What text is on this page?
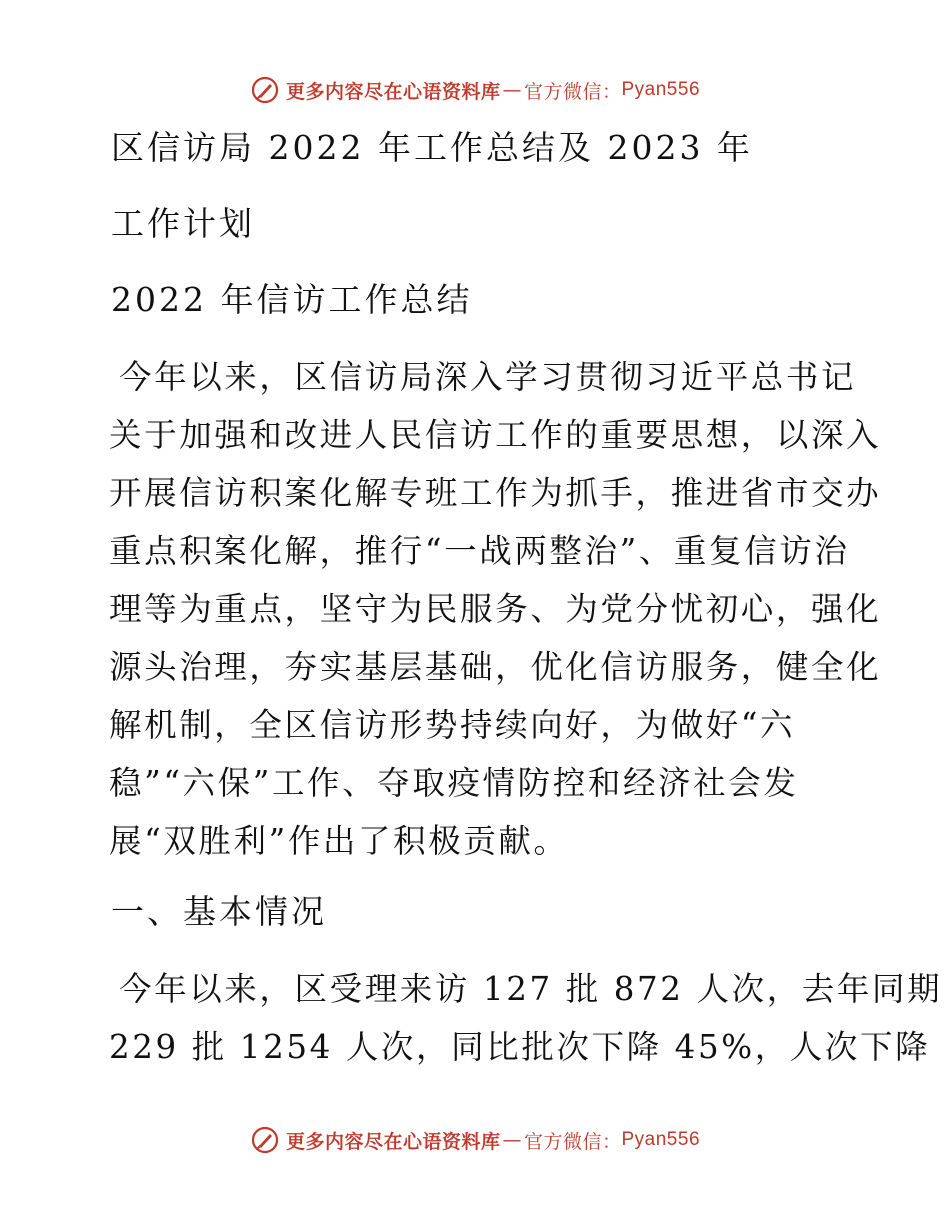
更多内容尽在心语资料库 — 官方微信： Pyan556
区信访局 2022 年工作总结及 2023 年
工作计划
2022 年信访工作总结

今年以来，区信访局深入学习贯彻习近平总书记
关于加强和改进人民信访工作的重要思想，以深入
开展信访积案化解专班工作为抓手，推进省市交办
重点积案化解，推行“一战两整治”、重复信访治
理等为重点，坚守为民服务、为党分忧初心，强化
源头治理，夯实基层基础，优化信访服务，健全化
解机制，全区信访形势持续向好，为做好“六
稳”“六保”工作、夺取疫情防控和经济社会发
展“双胜利”作出了积极贡献。

一、基本情况

今年以来，区受理来访 127 批 872 人次，去年同期
229 批 1254 人次，同比批次下降 45%，人次下降

更多内容尽在心语资料库 — 官方微信： Pyan556
